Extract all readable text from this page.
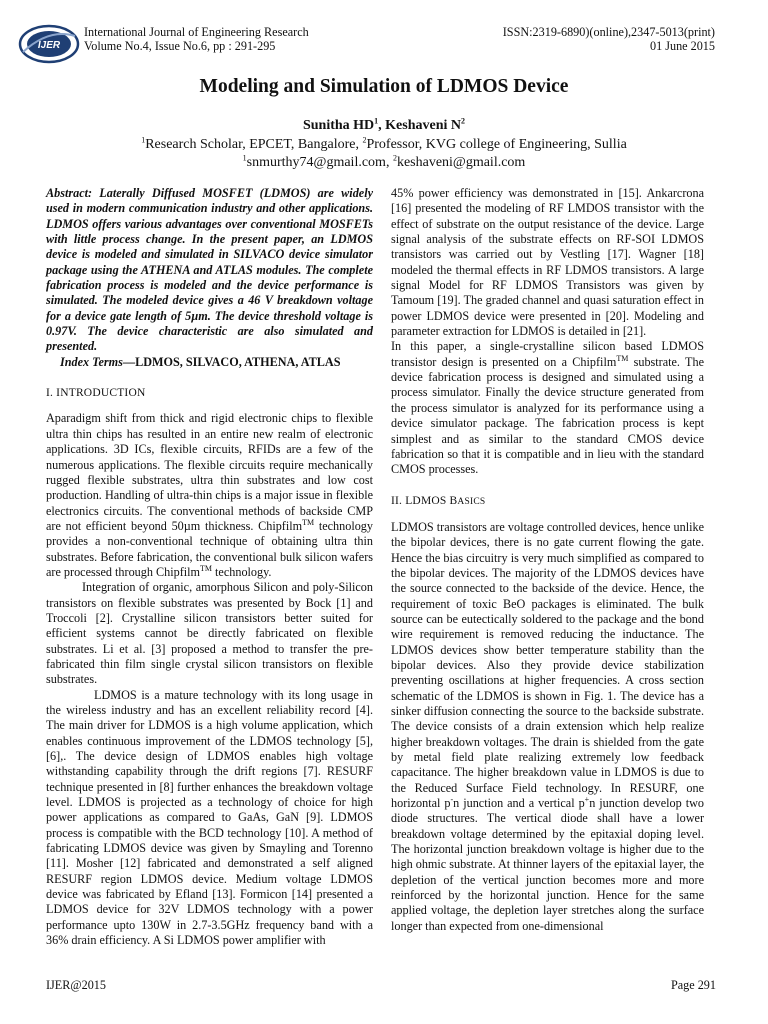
IJER
International Journal of Engineering Research
Volume No.4, Issue No.6, pp : 291-295
ISSN:2319-6890)(online),2347-5013(print)
01 June 2015
Modeling and Simulation of LDMOS Device
Sunitha $HD^1$, Keshaveni $N^2$
$^1$Research Scholar, EPCET, Bangalore, $^2$Professor, KVG college of Engineering, Sullia
$^1$snmurthy74@gmail.com, $^2$keshaveni@gmail.com

Abstract: Laterally Diffused MOSFET (LDMOS) are widely used in modern communication industry and other applications. LDMOS offers various advantages over conventional MOSFETs with little process change. In the present paper, an LDMOS device is modeled and simulated in SILVACO device simulator package using the ATHENA and ATLAS modules. The complete fabrication process is modeled and the device performance is simulated. The modeled device gives a 46 V breakdown voltage for a device gate length of 5µm. The device threshold voltage is 0.97V. The device characteristic are also simulated and presented.

Index Terms—LDMOS, SILVACO, ATHENA, ATLAS

I. INTRODUCTION

Aparadigm shift from thick and rigid electronic chips to flexible ultra thin chips has resulted in an entire new realm of electronic applications. 3D ICs, flexible circuits, RFIDs are a few of the numerous applications. The flexible circuits require mechanically rugged flexible substrates, ultra thin substrates and low cost production. Handling of ultra-thin chips is a major issue in flexible electronics circuits. The conventional methods of backside CMP are not efficient beyond 50µm thickness. Chipfilm™ technology provides a non-conventional technique of obtaining ultra thin substrates. Before fabrication, the conventional bulk silicon wafers are processed through Chipfilm™ technology.

Integration of organic, amorphous Silicon and poly-Silicon transistors on flexible substrates was presented by Bock [1] and Troccoli [2]. Crystalline silicon transistors better suited for efficient systems cannot be directly fabricated on flexible substrates. Li et al. [3] proposed a method to transfer the pre-fabricated thin film single crystal silicon transistors on flexible substrates.

LDMOS is a mature technology with its long usage in the wireless industry and has an excellent reliability record [4]. The main driver for LDMOS is a high volume application, which enables continuous improvement of the LDMOS technology [5], [6],. The device design of LDMOS enables high voltage withstanding capability through the drift regions [7]. RESURF technique presented in [8] further enhances the breakdown voltage level. LDMOS is projected as a technology of choice for high power applications as compared to GaAs, GaN [9]. LDMOS process is compatible with the BCD technology [10]. A method of fabricating LDMOS device was given by Smayling and Torenno [11]. Mosher [12] fabricated and demonstrated a self aligned RESURF region LDMOS device. Medium voltage LDMOS device was fabricated by Efland [13]. Formicon [14] presented a LDMOS device for 32V LDMOS technology with a power performance upto 130W in 2.7-3.5GHz frequency band with a 36% drain efficiency. A Si LDMOS power amplifier with

45% power efficiency was demonstrated in [15]. Ankarcrona [16] presented the modeling of RF LMDOS transistor with the effect of substrate on the output resistance of the device. Large signal analysis of the substrate effects on RF-SOI LDMOS transistors was carried out by Vestling [17]. Wagner [18] modeled the thermal effects in RF LDMOS transistors. A large signal Model for RF LDMOS Transistors was given by Tamoum [19]. The graded channel and quasi saturation effect in power LDMOS device were presented in [20]. Modeling and parameter extraction for LDMOS is detailed in [21].

In this paper, a single-crystalline silicon based LDMOS transistor design is presented on a Chipfilm™ substrate. The device fabrication process is designed and simulated using a process simulator. Finally the device structure generated from the process simulator is analyzed for its performance using a device simulator package. The fabrication process is kept simplest and as similar to the standard CMOS device fabrication so that it is compatible and in lieu with the standard CMOS processes.

II. LDMOS BASICS

LDMOS transistors are voltage controlled devices, hence unlike the bipolar devices, there is no gate current flowing the gate. Hence the bias circuitry is very much simplified as compared to the bipolar devices. The majority of the LDMOS devices have the source connected to the backside of the device. Hence, the requirement of toxic BeO packages is eliminated. The bulk source can be eutectically soldered to the package and the bond wire requirement is removed reducing the inductance. The LDMOS devices show better temperature stability than the bipolar devices. Also they provide device stabilization preventing oscillations at higher frequencies. A cross section schematic of the LDMOS is shown in Fig. 1. The device has a sinker diffusion connecting the source to the backside substrate. The device consists of a drain extension which help realize higher breakdown voltages. The drain is shielded from the gate by metal field plate realizing extremely low feedback capacitance. The higher breakdown value in LDMOS is due to the Reduced Surface Field technology. In RESURF, one horizontal p-n junction and a vertical p+n junction develop two diode structures. The vertical diode shall have a lower breakdown voltage determined by the epitaxial doping level. The horizontal junction breakdown voltage is higher due to the high ohmic substrate. At thinner layers of the epitaxial layer, the depletion of the vertical junction becomes more and more reinforced by the horizontal junction. Hence for the same applied voltage, the depletion layer stretches along the surface longer than expected from one-dimensional

IJER@2015	Page 291
